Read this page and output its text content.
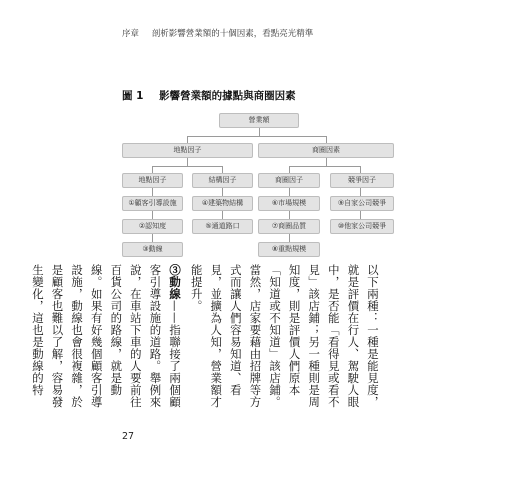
序章 剖析影響營業額的十個因素，看點亮光精準
圖 1 影響營業額的據點與商圈因素
營業額
地點因子	商圈因素
地點因子	結構因子	商圈因子	競爭因子
①顧客引導設施
②認知度
③動線
④建築物結構
⑤通道路口
⑥市場規模
⑦商圈品質
⑧重點規模
⑨自家公司競爭
⑩他家公司競爭

以下兩種：一種是能見度，就是評價在行人、駕駛人眼中，是否能「看得見或看不見」該店鋪；另一種則是周知度，則是評價人們原本「知道或不知道」該店鋪。當然，店家要藉由招牌等方式而讓人們容易知道、看見，並擴為人知，營業額才能提升。

③動線——指聯接了兩個顧客引導設施的道路。舉例來說，在車站下車的人要前往百貨公司的路線，就是動線。如果有好幾個顧客引導設施，動線也會很複雜，於是顧客也難以了解，容易發生變化，這也是動線的特

27
